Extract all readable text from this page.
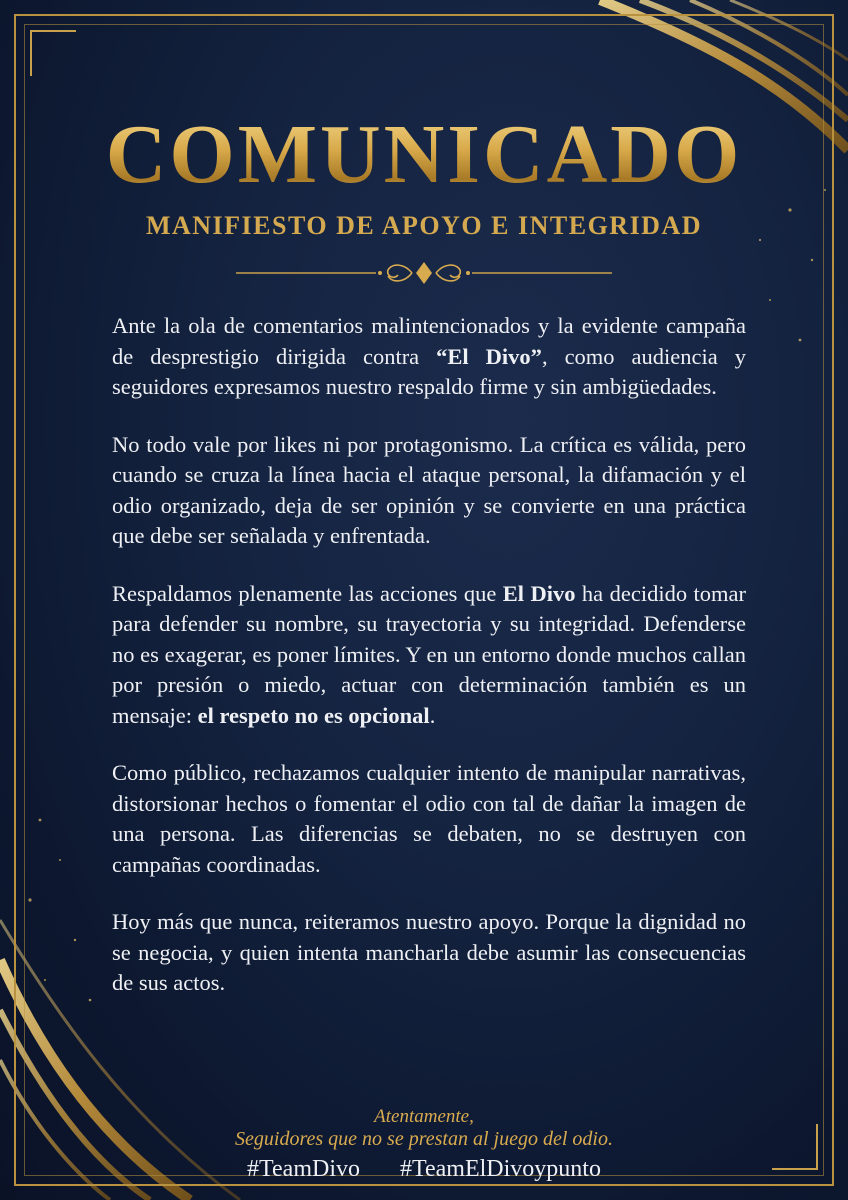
COMUNICADO
MANIFIESTO DE APOYO E INTEGRIDAD

Ante la ola de comentarios malintencionados y la evidente campaña de desprestigio dirigida contra “El Divo”, como audiencia y seguidores expresamos nuestro respaldo firme y sin ambigüedades.

No todo vale por likes ni por protagonismo. La crítica es válida, pero cuando se cruza la línea hacia el ataque personal, la difamación y el odio organizado, deja de ser opinión y se convierte en una práctica que debe ser señalada y enfrentada.

Respaldamos plenamente las acciones que El Divo ha decidido tomar para defender su nombre, su trayectoria y su integridad. Defenderse no es exagerar, es poner límites. Y en un entorno donde muchos callan por presión o miedo, actuar con determinación también es un mensaje: el respeto no es opcional.

Como público, rechazamos cualquier intento de manipular narrativas, distorsionar hechos o fomentar el odio con tal de dañar la imagen de una persona. Las diferencias se debaten, no se destruyen con campañas coordinadas.

Hoy más que nunca, reiteramos nuestro apoyo. Porque la dignidad no se negocia, y quien intenta mancharla debe asumir las consecuencias de sus actos.

Atentamente,

Seguidores que no se prestan al juego del odio.

#TeamDivo #TeamElDivoypunto
